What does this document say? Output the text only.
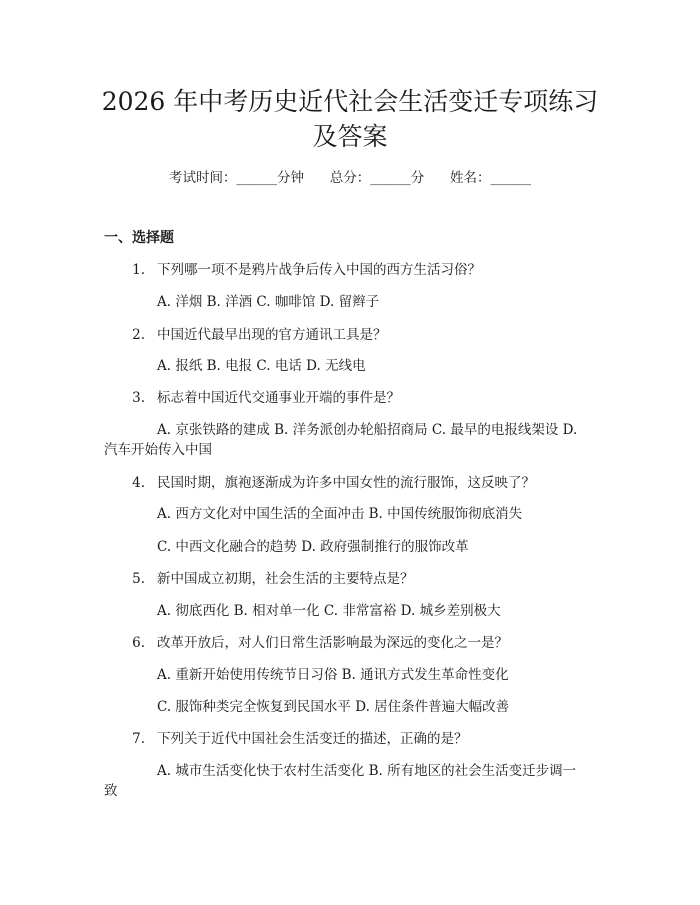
2026 年中考历史近代社会生活变迁专项练习
及答案
考试时间：______分钟      总分：______分      姓名：______
一、选择题
1. 下列哪一项不是鸦片战争后传入中国的西方生活习俗？
A. 洋烟 B. 洋酒 C. 咖啡馆 D. 留辫子
2. 中国近代最早出现的官方通讯工具是？
A. 报纸 B. 电报 C. 电话 D. 无线电
3. 标志着中国近代交通事业开端的事件是？
A. 京张铁路的建成 B. 洋务派创办轮船招商局 C. 最早的电报线架设 D.
汽车开始传入中国
4. 民国时期，旗袍逐渐成为许多中国女性的流行服饰，这反映了？
A. 西方文化对中国生活的全面冲击 B. 中国传统服饰彻底消失
C. 中西文化融合的趋势 D. 政府强制推行的服饰改革
5. 新中国成立初期，社会生活的主要特点是？
A. 彻底西化 B. 相对单一化 C. 非常富裕 D. 城乡差别极大
6. 改革开放后，对人们日常生活影响最为深远的变化之一是？
A. 重新开始使用传统节日习俗 B. 通讯方式发生革命性变化
C. 服饰种类完全恢复到民国水平 D. 居住条件普遍大幅改善
7. 下列关于近代中国社会生活变迁的描述，正确的是？
A. 城市生活变化快于农村生活变化 B. 所有地区的社会生活变迁步调一
致
